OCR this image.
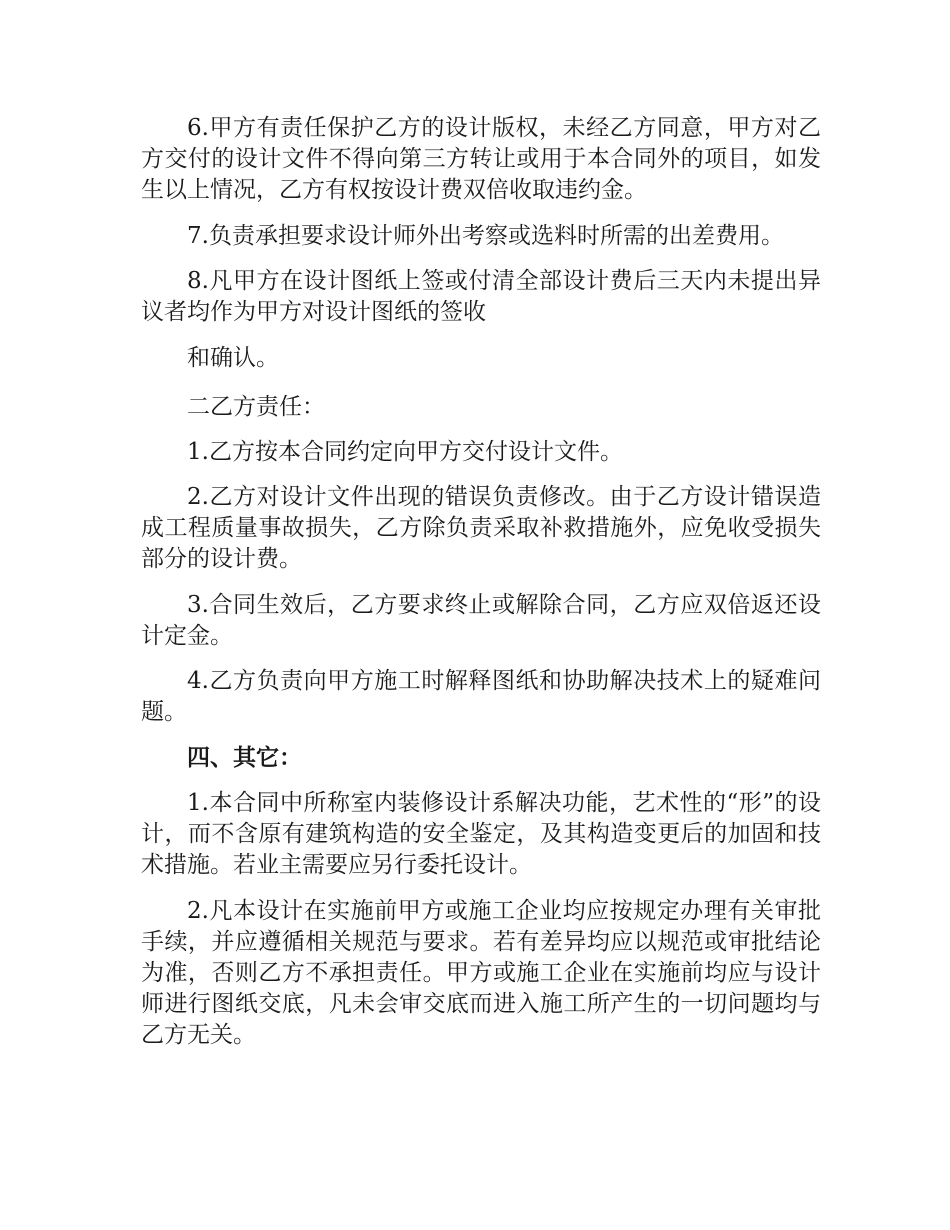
6.甲方有责任保护乙方的设计版权，未经乙方同意，甲方对乙方交付的设计文件不得向第三方转让或用于本合同外的项目，如发生以上情况，乙方有权按设计费双倍收取违约金。

7.负责承担要求设计师外出考察或选料时所需的出差费用。

8.凡甲方在设计图纸上签或付清全部设计费后三天内未提出异议者均作为甲方对设计图纸的签收

和确认。

二乙方责任：

1.乙方按本合同约定向甲方交付设计文件。

2.乙方对设计文件出现的错误负责修改。由于乙方设计错误造成工程质量事故损失，乙方除负责采取补救措施外，应免收受损失部分的设计费。

3.合同生效后，乙方要求终止或解除合同，乙方应双倍返还设计定金。

4.乙方负责向甲方施工时解释图纸和协助解决技术上的疑难问题。

四、其它：

1.本合同中所称室内装修设计系解决功能，艺术性的“形”的设计，而不含原有建筑构造的安全鉴定，及其构造变更后的加固和技术措施。若业主需要应另行委托设计。

2.凡本设计在实施前甲方或施工企业均应按规定办理有关审批手续，并应遵循相关规范与要求。若有差异均应以规范或审批结论为准，否则乙方不承担责任。甲方或施工企业在实施前均应与设计师进行图纸交底，凡未会审交底而进入施工所产生的一切问题均与乙方无关。
